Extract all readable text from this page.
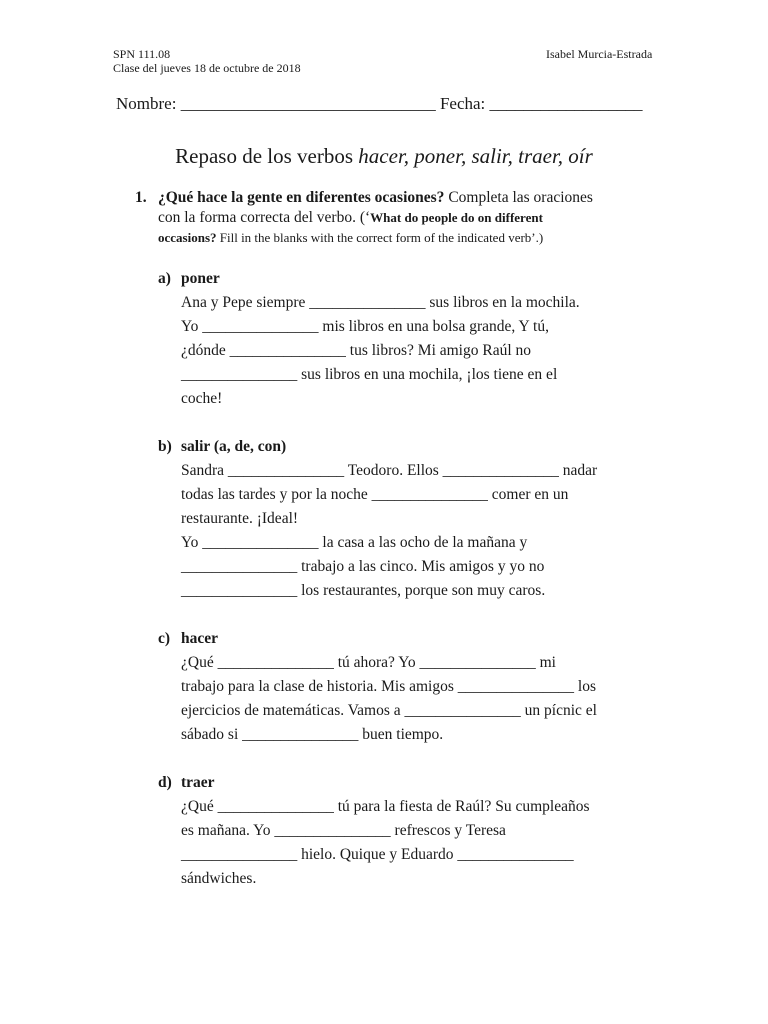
SPN 111.08
Clase del jueves 18 de octubre de 2018
Isabel Murcia-Estrada
Nombre: ______________________________ Fecha: __________________
Repaso de los verbos hacer, poner, salir, traer, oír
1. ¿Qué hace la gente en diferentes ocasiones? Completa las oraciones
con la forma correcta del verbo. (‘What do people do on different
occasions? Fill in the blanks with the correct form of the indicated verb’.)
a) poner
Ana y Pepe siempre _______________ sus libros en la mochila.
Yo _______________ mis libros en una bolsa grande, Y tú,
¿dónde _______________ tus libros? Mi amigo Raúl no
_______________ sus libros en una mochila, ¡los tiene en el
coche!
b) salir (a, de, con)
Sandra _______________ Teodoro. Ellos _______________ nadar
todas las tardes y por la noche _______________ comer en un
restaurante. ¡Ideal!
Yo _______________ la casa a las ocho de la mañana y
_______________ trabajo a las cinco. Mis amigos y yo no
_______________ los restaurantes, porque son muy caros.
c) hacer
¿Qué _______________ tú ahora? Yo _______________ mi
trabajo para la clase de historia. Mis amigos _______________ los
ejercicios de matemáticas. Vamos a _______________ un pícnic el
sábado si _______________ buen tiempo.
d) traer
¿Qué _______________ tú para la fiesta de Raúl? Su cumpleaños
es mañana. Yo _______________ refrescos y Teresa
_______________ hielo. Quique y Eduardo _______________
sándwiches.
